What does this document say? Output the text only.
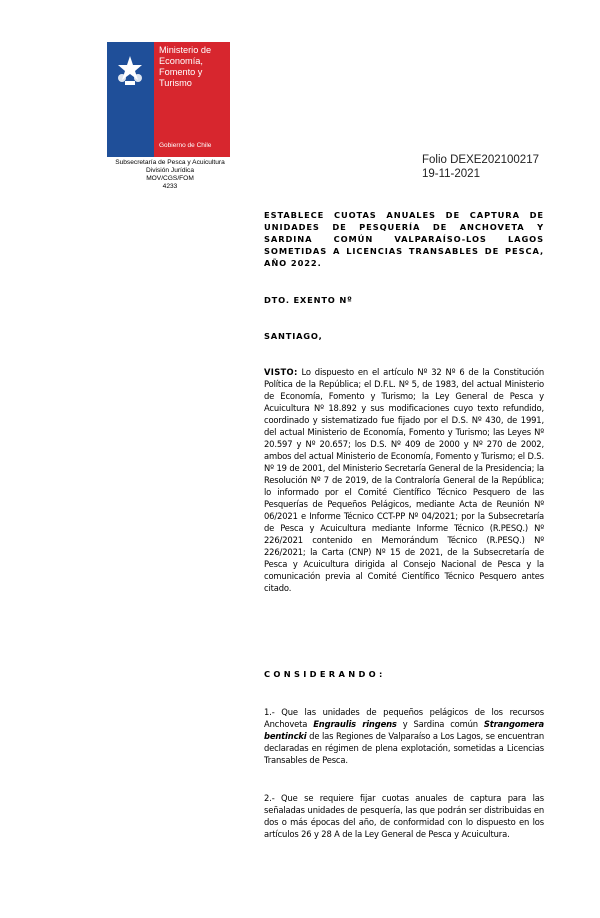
Ministerio de
Economía,
Fomento y
Turismo
Gobierno de Chile
Subsecretaría de Pesca y Acuicultura
División Jurídica
MOV/CGS/FOM
4233
Folio DEXE202100217
19-11-2021
ESTABLECE CUOTAS ANUALES DE CAPTURA DE UNIDADES DE PESQUERÍA DE ANCHOVETA Y SARDINA COMÚN VALPARAÍSO-LOS LAGOS SOMETIDAS A LICENCIAS TRANSABLES DE PESCA, AÑO 2022.
DTO. EXENTO Nº
SANTIAGO,
VISTO: Lo dispuesto en el artículo Nº 32 Nº 6 de la Constitución Política de la República; el D.F.L. Nº 5, de 1983, del actual Ministerio de Economía, Fomento y Turismo; la Ley General de Pesca y Acuicultura Nº 18.892 y sus modificaciones cuyo texto refundido, coordinado y sistematizado fue fijado por el D.S. Nº 430, de 1991, del actual Ministerio de Economía, Fomento y Turismo; las Leyes Nº 20.597 y Nº 20.657; los D.S. Nº 409 de 2000 y Nº 270 de 2002, ambos del actual Ministerio de Economía, Fomento y Turismo; el D.S. Nº 19 de 2001, del Ministerio Secretaría General de la Presidencia; la Resolución Nº 7 de 2019, de la Contraloría General de la República; lo informado por el Comité Científico Técnico Pesquero de las Pesquerías de Pequeños Pelágicos, mediante Acta de Reunión Nº 06/2021 e Informe Técnico CCT-PP Nº 04/2021; por la Subsecretaría de Pesca y Acuicultura mediante Informe Técnico (R.PESQ.) Nº 226/2021 contenido en Memorándum Técnico (R.PESQ.) Nº 226/2021; la Carta (CNP) Nº 15 de 2021, de la Subsecretaría de Pesca y Acuicultura dirigida al Consejo Nacional de Pesca y la comunicación previa al Comité Científico Técnico Pesquero antes citado.
CONSIDERANDO:
1.- Que las unidades de pequeños pelágicos de los recursos Anchoveta Engraulis ringens y Sardina común Strangomera bentincki de las Regiones de Valparaíso a Los Lagos, se encuentran declaradas en régimen de plena explotación, sometidas a Licencias Transables de Pesca.
2.- Que se requiere fijar cuotas anuales de captura para las señaladas unidades de pesquería, las que podrán ser distribuidas en dos o más épocas del año, de conformidad con lo dispuesto en los artículos 26 y 28 A de la Ley General de Pesca y Acuicultura.
